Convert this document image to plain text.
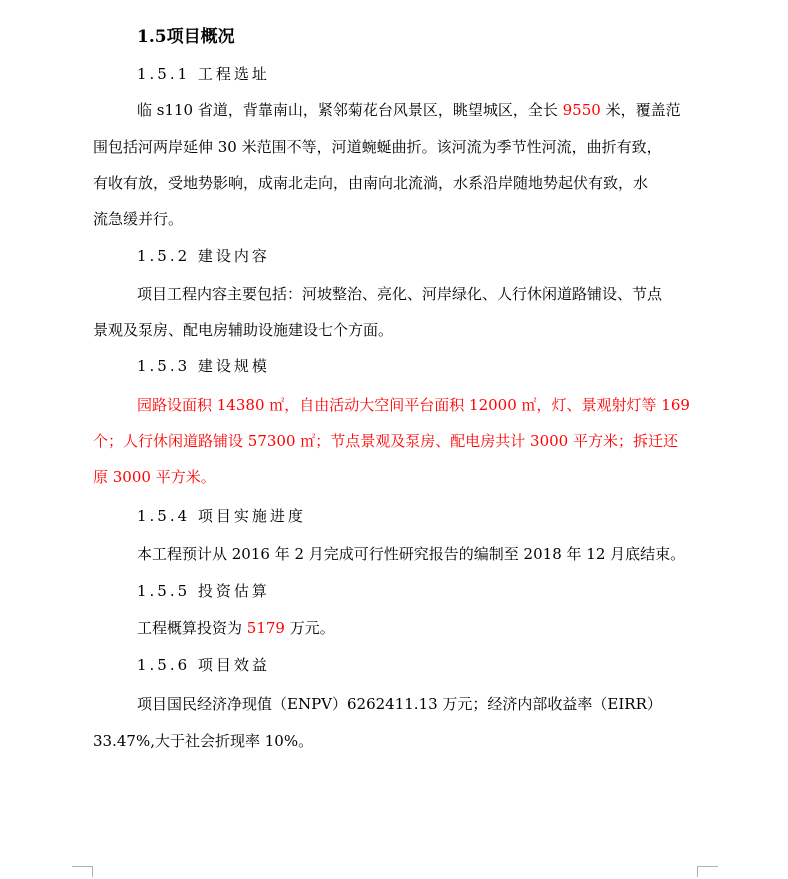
1.5项目概况
1.5.1 工程选址
临 s110 省道，背靠南山，紧邻菊花台风景区，眺望城区，全长 9550 米，覆盖范
围包括河两岸延伸 30 米范围不等，河道蜿蜒曲折。该河流为季节性河流，曲折有致，
有收有放，受地势影响，成南北走向，由南向北流淌，水系沿岸随地势起伏有致，水
流急缓并行。
1.5.2 建设内容
项目工程内容主要包括：河坡整治、亮化、河岸绿化、人行休闲道路铺设、节点
景观及泵房、配电房辅助设施建设七个方面。
1.5.3 建设规模
园路设面积 14380 ㎡，自由活动大空间平台面积 12000 ㎡，灯、景观射灯等 169
个；人行休闲道路铺设 57300 ㎡；节点景观及泵房、配电房共计 3000 平方米；拆迁还
原 3000 平方米。
1.5.4 项目实施进度
本工程预计从 2016 年 2 月完成可行性研究报告的编制至 2018 年 12 月底结束。
1.5.5 投资估算
工程概算投资为 5179 万元。
1.5.6 项目效益
项目国民经济净现值（ENPV）6262411.13 万元；经济内部收益率（EIRR）
33.47%,大于社会折现率 10%。
